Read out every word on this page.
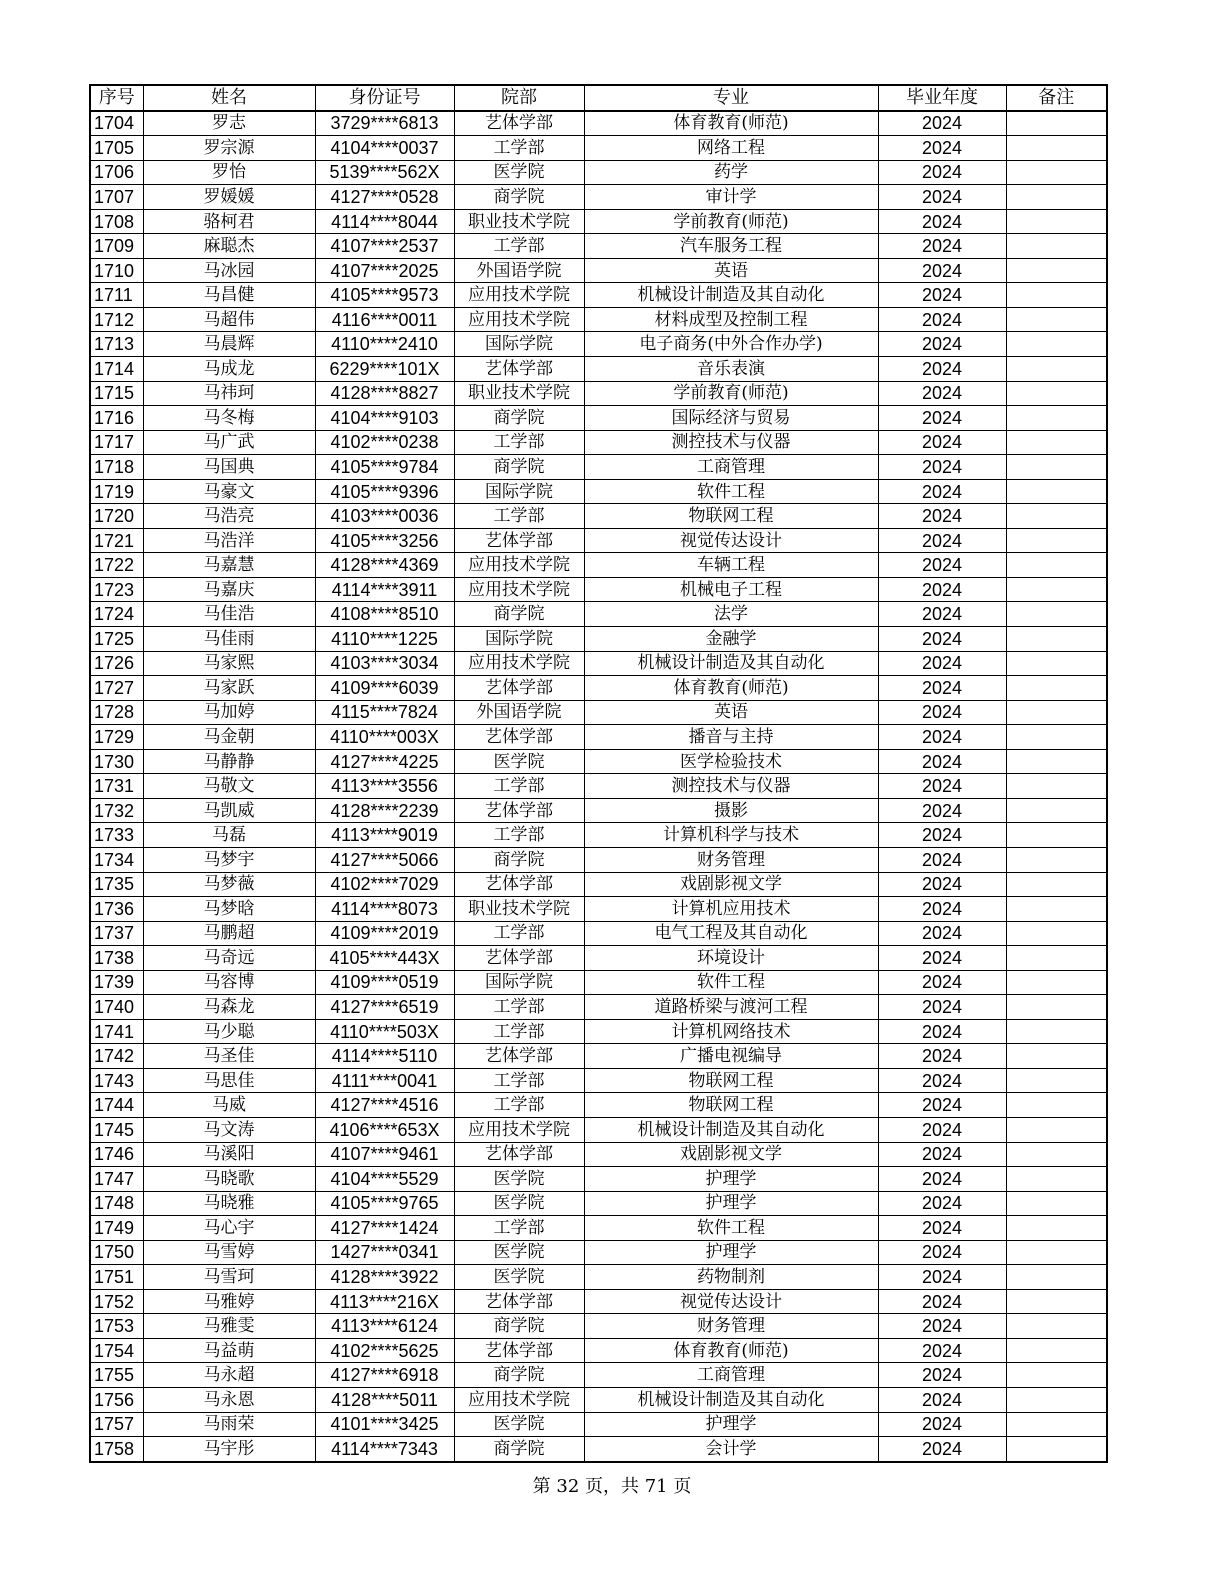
序号	姓名	身份证号	院部	专业	毕业年度	备注
1704	罗志	3729****6813	艺体学部	体育教育(师范)	2024	
1705	罗宗源	4104****0037	工学部	网络工程	2024	
1706	罗怡	5139****562X	医学院	药学	2024	
1707	罗媛媛	4127****0528	商学院	审计学	2024	
1708	骆柯君	4114****8044	职业技术学院	学前教育(师范)	2024	
1709	麻聪杰	4107****2537	工学部	汽车服务工程	2024	
1710	马冰园	4107****2025	外国语学院	英语	2024	
1711	马昌健	4105****9573	应用技术学院	机械设计制造及其自动化	2024	
1712	马超伟	4116****0011	应用技术学院	材料成型及控制工程	2024	
1713	马晨辉	4110****2410	国际学院	电子商务(中外合作办学)	2024	
1714	马成龙	6229****101X	艺体学部	音乐表演	2024	
1715	马祎珂	4128****8827	职业技术学院	学前教育(师范)	2024	
1716	马冬梅	4104****9103	商学院	国际经济与贸易	2024	
1717	马广武	4102****0238	工学部	测控技术与仪器	2024	
1718	马国典	4105****9784	商学院	工商管理	2024	
1719	马豪文	4105****9396	国际学院	软件工程	2024	
1720	马浩亮	4103****0036	工学部	物联网工程	2024	
1721	马浩洋	4105****3256	艺体学部	视觉传达设计	2024	
1722	马嘉慧	4128****4369	应用技术学院	车辆工程	2024	
1723	马嘉庆	4114****3911	应用技术学院	机械电子工程	2024	
1724	马佳浩	4108****8510	商学院	法学	2024	
1725	马佳雨	4110****1225	国际学院	金融学	2024	
1726	马家熙	4103****3034	应用技术学院	机械设计制造及其自动化	2024	
1727	马家跃	4109****6039	艺体学部	体育教育(师范)	2024	
1728	马加婷	4115****7824	外国语学院	英语	2024	
1729	马金朝	4110****003X	艺体学部	播音与主持	2024	
1730	马静静	4127****4225	医学院	医学检验技术	2024	
1731	马敬文	4113****3556	工学部	测控技术与仪器	2024	
1732	马凯威	4128****2239	艺体学部	摄影	2024	
1733	马磊	4113****9019	工学部	计算机科学与技术	2024	
1734	马梦宇	4127****5066	商学院	财务管理	2024	
1735	马梦薇	4102****7029	艺体学部	戏剧影视文学	2024	
1736	马梦晗	4114****8073	职业技术学院	计算机应用技术	2024	
1737	马鹏超	4109****2019	工学部	电气工程及其自动化	2024	
1738	马奇远	4105****443X	艺体学部	环境设计	2024	
1739	马容博	4109****0519	国际学院	软件工程	2024	
1740	马森龙	4127****6519	工学部	道路桥梁与渡河工程	2024	
1741	马少聪	4110****503X	工学部	计算机网络技术	2024	
1742	马圣佳	4114****5110	艺体学部	广播电视编导	2024	
1743	马思佳	4111****0041	工学部	物联网工程	2024	
1744	马威	4127****4516	工学部	物联网工程	2024	
1745	马文涛	4106****653X	应用技术学院	机械设计制造及其自动化	2024	
1746	马溪阳	4107****9461	艺体学部	戏剧影视文学	2024	
1747	马晓歌	4104****5529	医学院	护理学	2024	
1748	马晓雅	4105****9765	医学院	护理学	2024	
1749	马心宇	4127****1424	工学部	软件工程	2024	
1750	马雪婷	1427****0341	医学院	护理学	2024	
1751	马雪珂	4128****3922	医学院	药物制剂	2024	
1752	马雅婷	4113****216X	艺体学部	视觉传达设计	2024	
1753	马雅雯	4113****6124	商学院	财务管理	2024	
1754	马益萌	4102****5625	艺体学部	体育教育(师范)	2024	
1755	马永超	4127****6918	商学院	工商管理	2024	
1756	马永恩	4128****5011	应用技术学院	机械设计制造及其自动化	2024	
1757	马雨荣	4101****3425	医学院	护理学	2024	
1758	马宇彤	4114****7343	商学院	会计学	2024	
第 32 页，共 71 页
